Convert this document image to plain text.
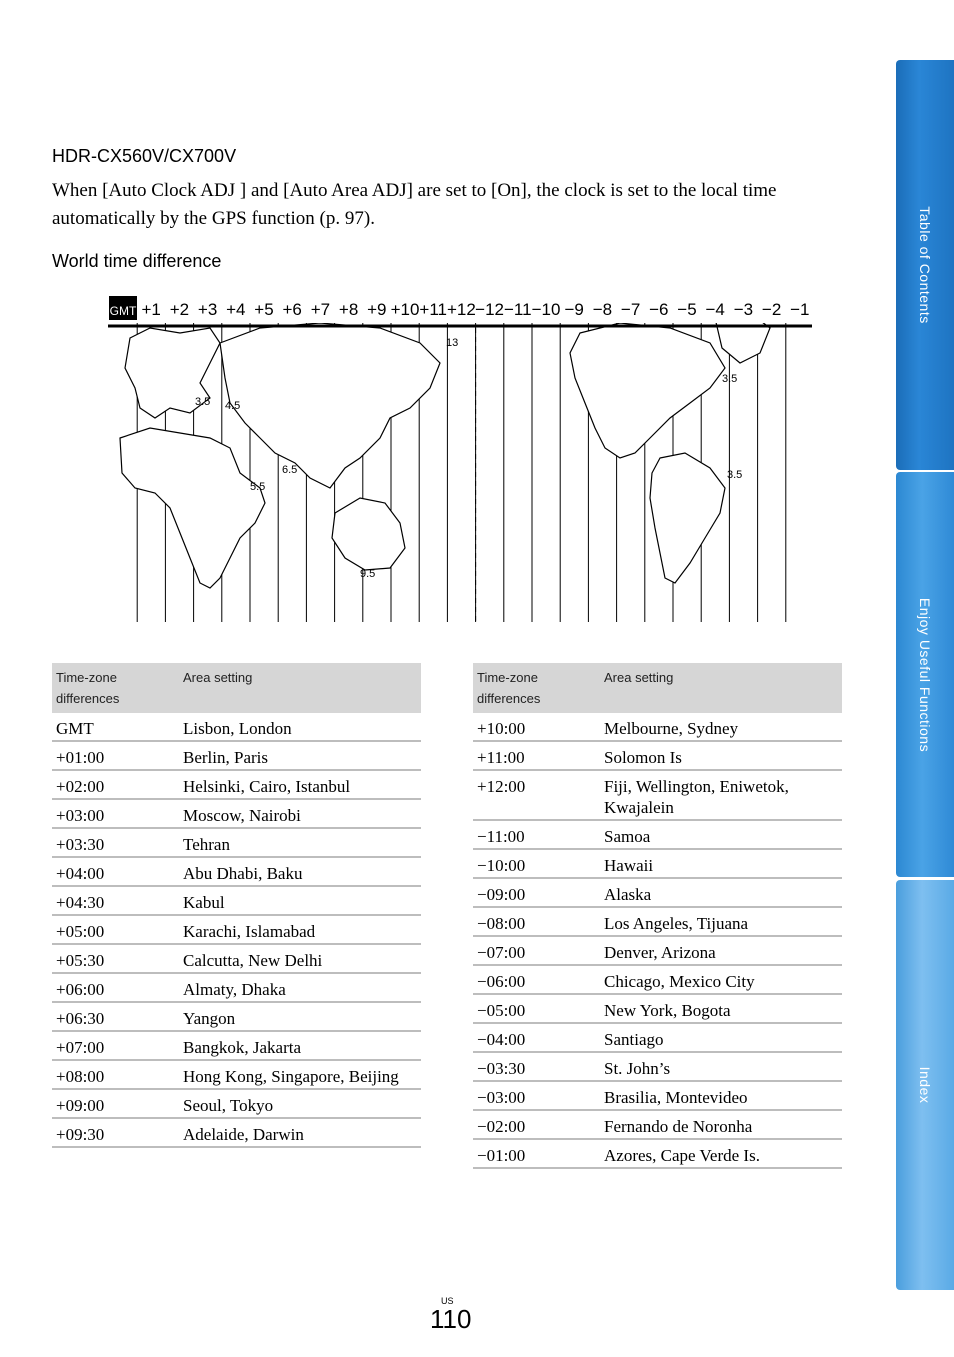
HDR-CX560V/CX700V
When [Auto Clock ADJ ] and [Auto Area ADJ] are set to [On], the clock is set to the local time automatically by the GPS function (p. 97).
World time difference
GMT +1 +2 +3 +4 +5 +6 +7 +8 +9 +10 +11 +12 −12 −11 −10 −9 −8 −7 −6 −5 −4 −3 −2 −1
13
3.5 4.5
5.5
6.5
9.5
3.5
3.5
Time-zone differences	Area setting
GMT	Lisbon, London
+01:00	Berlin, Paris
+02:00	Helsinki, Cairo, Istanbul
+03:00	Moscow, Nairobi
+03:30	Tehran
+04:00	Abu Dhabi, Baku
+04:30	Kabul
+05:00	Karachi, Islamabad
+05:30	Calcutta, New Delhi
+06:00	Almaty, Dhaka
+06:30	Yangon
+07:00	Bangkok, Jakarta
+08:00	Hong Kong, Singapore, Beijing
+09:00	Seoul, Tokyo
+09:30	Adelaide, Darwin
Time-zone differences	Area setting
+10:00	Melbourne, Sydney
+11:00	Solomon Is
+12:00	Fiji, Wellington, Eniwetok, Kwajalein
−11:00	Samoa
−10:00	Hawaii
−09:00	Alaska
−08:00	Los Angeles, Tijuana
−07:00	Denver, Arizona
−06:00	Chicago, Mexico City
−05:00	New York, Bogota
−04:00	Santiago
−03:30	St. John’s
−03:00	Brasilia, Montevideo
−02:00	Fernando de Noronha
−01:00	Azores, Cape Verde Is.
Table of Contents
Enjoy Useful Functions
Index
US
110
